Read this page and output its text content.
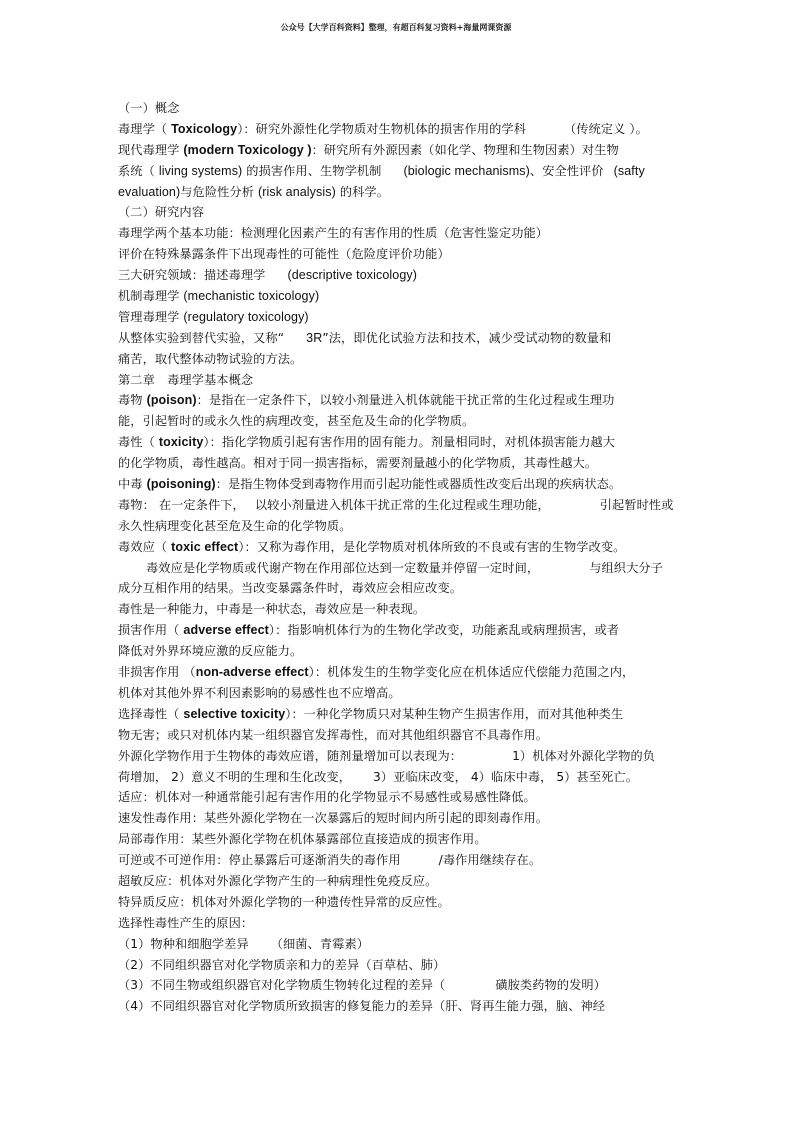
公众号【大学百科资料】整理，有超百科复习资料+海量网课资源
（一）概念
毒理学（ Toxicology）：研究外源性化学物质对生物机体的损害作用的学科	（传统定义 ）。
现代毒理学 (modern Toxicology )：研究所有外源因素（如化学、物理和生物因素）对生物
系统（ living systems) 的损害作用、生物学机制 (biologic mechanisms)、安全性评价 (safty
evaluation)与危险性分析 (risk analysis) 的科学。
（二）研究内容
毒理学两个基本功能：检测理化因素产生的有害作用的性质（危害性鉴定功能）
评价在特殊暴露条件下出现毒性的可能性（危险度评价功能）
三大研究领域：描述毒理学 (descriptive toxicology)
机制毒理学 (mechanistic toxicology)
管理毒理学 (regulatory toxicology)
从整体实验到替代实验，又称“ 3R”法，即优化试验方法和技术，减少受试动物的数量和
痛苦，取代整体动物试验的方法。
第二章　毒理学基本概念
毒物 (poison)：是指在一定条件下，以较小剂量进入机体就能干扰正常的生化过程或生理功
能，引起暂时的或永久性的病理改变，甚至危及生命的化学物质。
毒性（ toxicity）：指化学物质引起有害作用的固有能力。剂量相同时，对机体损害能力越大
的化学物质，毒性越高。相对于同一损害指标，需要剂量越小的化学物质，其毒性越大。
中毒 (poisoning)：是指生物体受到毒物作用而引起功能性或器质性改变后出现的疾病状态。
毒物： 在一定条件下， 以较小剂量进入机体干扰正常的生化过程或生理功能，	引起暂时性或
永久性病理变化甚至危及生命的化学物质。
毒效应（ toxic effect）：又称为毒作用，是化学物质对机体所致的不良或有害的生物学改变。
毒效应是化学物质或代谢产物在作用部位达到一定数量并停留一定时间，	与组织大分子
成分互相作用的结果。当改变暴露条件时，毒效应会相应改变。
毒性是一种能力，中毒是一种状态，毒效应是一种表现。
损害作用（ adverse effect）：指影响机体行为的生物化学改变，功能紊乱或病理损害，或者
降低对外界环境应激的反应能力。
非损害作用 （non-adverse effect）：机体发生的生物学变化应在机体适应代偿能力范围之内，
机体对其他外界不利因素影响的易感性也不应增高。
选择毒性（ selective toxicity）：一种化学物质只对某种生物产生损害作用，而对其他种类生
物无害；或只对机体内某一组织器官发挥毒性，而对其他组织器官不具毒作用。
外源化学物作用于生物体的毒效应谱，随剂量增加可以表现为：	1）机体对外源化学物的负
荷增加， 2）意义不明的生理和生化改变， 3）亚临床改变， 4）临床中毒， 5）甚至死亡。
适应：机体对一种通常能引起有害作用的化学物显示不易感性或易感性降低。
速发性毒作用：某些外源化学物在一次暴露后的短时间内所引起的即刻毒作用。
局部毒作用：某些外源化学物在机体暴露部位直接造成的损害作用。
可逆或不可逆作用：停止暴露后可逐渐消失的毒作用	/毒作用继续存在。
超敏反应：机体对外源化学物产生的一种病理性免疫反应。
特异质反应：机体对外源化学物的一种遗传性异常的反应性。
选择性毒性产生的原因：
（1）物种和细胞学差异 （细菌、青霉素）
（2）不同组织器官对化学物质亲和力的差异（百草枯、肺）
（3）不同生物或组织器官对化学物质生物转化过程的差异（	磺胺类药物的发明）
（4）不同组织器官对化学物质所致损害的修复能力的差异（肝、肾再生能力强，脑、神经
